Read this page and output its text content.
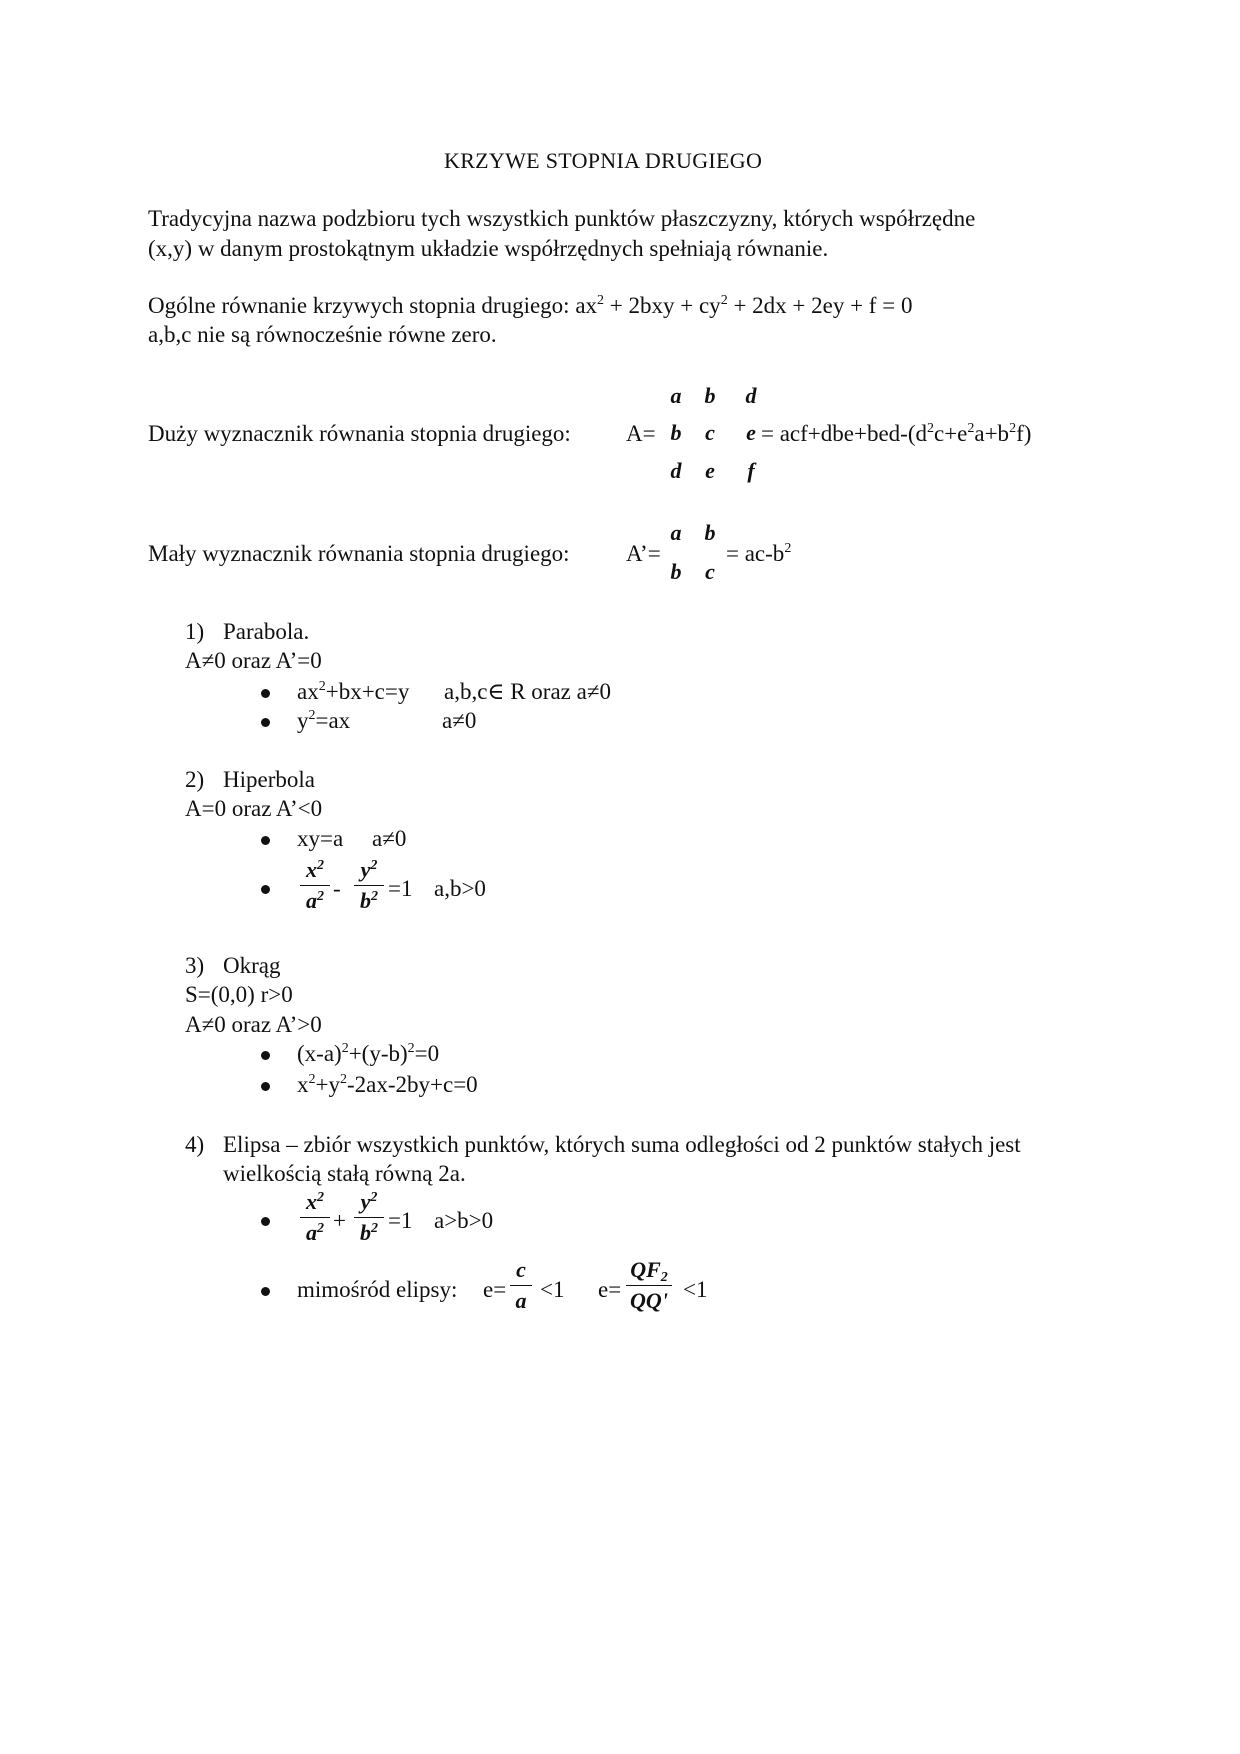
KRZYWE STOPNIA DRUGIEGO
Tradycyjna nazwa podzbioru tych wszystkich punktów płaszczyzny, których współrzędne
(x,y) w danym prostokątnym układzie współrzędnych spełniają równanie.
Ogólne równanie krzywych stopnia drugiego: $ax^2 + 2bxy + cy^2 + 2dx + 2ey + f = 0$
a,b,c nie są równocześnie równe zero.
Duży wyznacznik równania stopnia drugiego: A=
a b d
b c e
d e f
= $acf+dbe+bed-(d^2c+e^2a+b^2f)$
Mały wyznacznik równania stopnia drugiego: A’=
a b
b c
= $ac-b^2$
1) Parabola.
A≠0 oraz A’=0
$ax^2+bx+c=y$ a,b,c∈ R oraz a≠0
$y^2=ax$	a≠0
2) Hiperbola
A=0 oraz A’<0
xy=a a≠0
$x^2$
$a^2$ -
$y^2$
$b^2 =1$ a,b>0
3) Okrąg
S=(0,0) r>0
A≠0 oraz A’>0
$(x-a)^2+(y-b)^2=0$
$x^2+y^2-2ax-2by+c=0$
4) Elipsa – zbiór wszystkich punktów, których suma odległości od 2 punktów stałych jest
wielkością stałą równą 2a.
$x^2$
$a^2$ +
$y^2$
$b^2 =1$ a>b>0
mimośród elipsy: e=
c
a <1 e=
$QF_2$
QQ' <1
